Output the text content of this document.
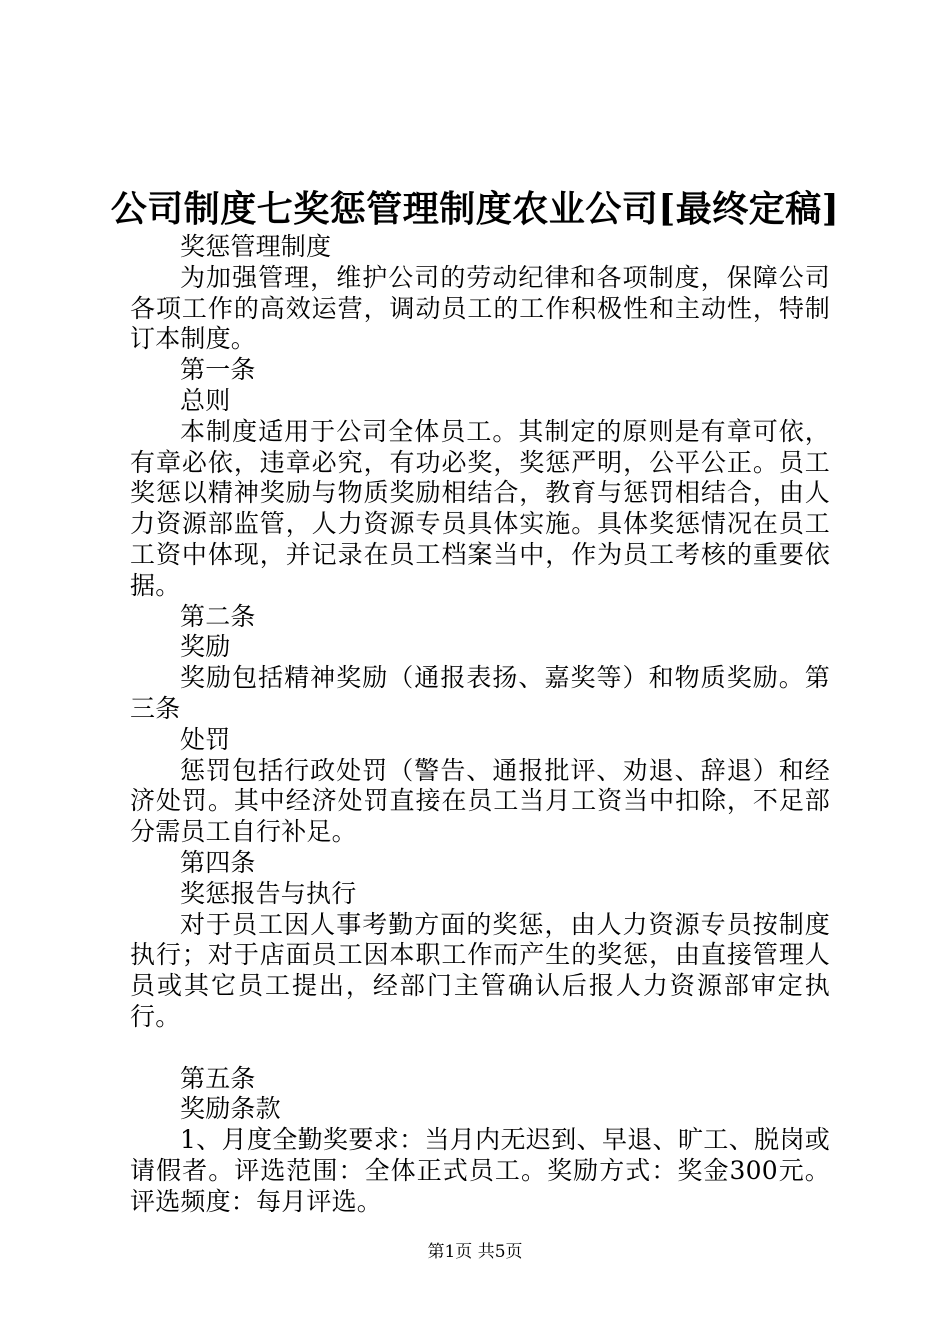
公司制度七奖惩管理制度农业公司[最终定稿]

奖惩管理制度

为加强管理，维护公司的劳动纪律和各项制度，保障公司各项工作的高效运营，调动员工的工作积极性和主动性，特制订本制度。

第一条

总则

本制度适用于公司全体员工。其制定的原则是有章可依，有章必依，违章必究，有功必奖，奖惩严明，公平公正。员工奖惩以精神奖励与物质奖励相结合，教育与惩罚相结合，由人力资源部监管，人力资源专员具体实施。具体奖惩情况在员工工资中体现，并记录在员工档案当中，作为员工考核的重要依据。

第二条

奖励

奖励包括精神奖励（通报表扬、嘉奖等）和物质奖励。第三条

处罚

惩罚包括行政处罚（警告、通报批评、劝退、辞退）和经济处罚。其中经济处罚直接在员工当月工资当中扣除，不足部分需员工自行补足。

第四条

奖惩报告与执行

对于员工因人事考勤方面的奖惩，由人力资源专员按制度执行；对于店面员工因本职工作而产生的奖惩，由直接管理人员或其它员工提出，经部门主管确认后报人力资源部审定执行。

第五条

奖励条款

1、月度全勤奖要求：当月内无迟到、早退、旷工、脱岗或请假者。评选范围：全体正式员工。奖励方式：奖金300元。评选频度：每月评选。

第1页 共5页
